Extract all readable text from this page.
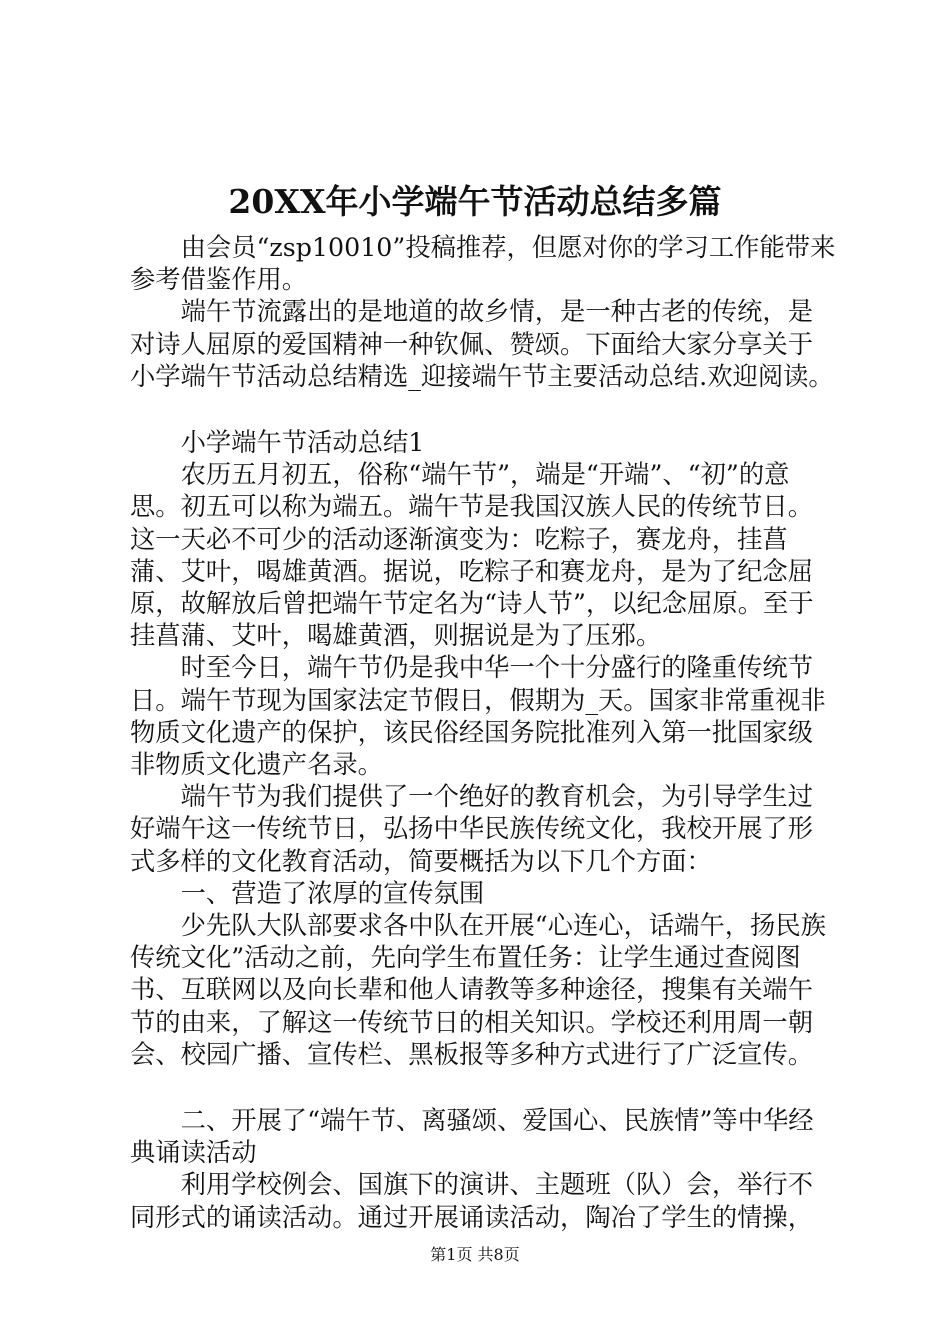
20XX年小学端午节活动总结多篇

由会员“zsp10010”投稿推荐，但愿对你的学习工作能带来参考借鉴作用。

端午节流露出的是地道的故乡情，是一种古老的传统，是对诗人屈原的爱国精神一种钦佩、赞颂。下面给大家分享关于小学端午节活动总结精选_迎接端午节主要活动总结.欢迎阅读。

小学端午节活动总结1

农历五月初五，俗称“端午节”，端是“开端”、“初”的意思。初五可以称为端五。端午节是我国汉族人民的传统节日。这一天必不可少的活动逐渐演变为：吃粽子，赛龙舟，挂菖蒲、艾叶，喝雄黄酒。据说，吃粽子和赛龙舟，是为了纪念屈原，故解放后曾把端午节定名为“诗人节”，以纪念屈原。至于挂菖蒲、艾叶，喝雄黄酒，则据说是为了压邪。

时至今日，端午节仍是我中华一个十分盛行的隆重传统节日。端午节现为国家法定节假日，假期为_天。国家非常重视非物质文化遗产的保护，该民俗经国务院批准列入第一批国家级非物质文化遗产名录。

端午节为我们提供了一个绝好的教育机会，为引导学生过好端午这一传统节日，弘扬中华民族传统文化，我校开展了形式多样的文化教育活动，简要概括为以下几个方面：

一、营造了浓厚的宣传氛围

少先队大队部要求各中队在开展“心连心，话端午，扬民族传统文化”活动之前，先向学生布置任务：让学生通过查阅图书、互联网以及向长辈和他人请教等多种途径，搜集有关端午节的由来，了解这一传统节日的相关知识。学校还利用周一朝会、校园广播、宣传栏、黑板报等多种方式进行了广泛宣传。

二、开展了“端午节、离骚颂、爱国心、民族情”等中华经典诵读活动

利用学校例会、国旗下的演讲、主题班（队）会，举行不同形式的诵读活动。通过开展诵读活动，陶冶了学生的情操，

第1页 共8页
